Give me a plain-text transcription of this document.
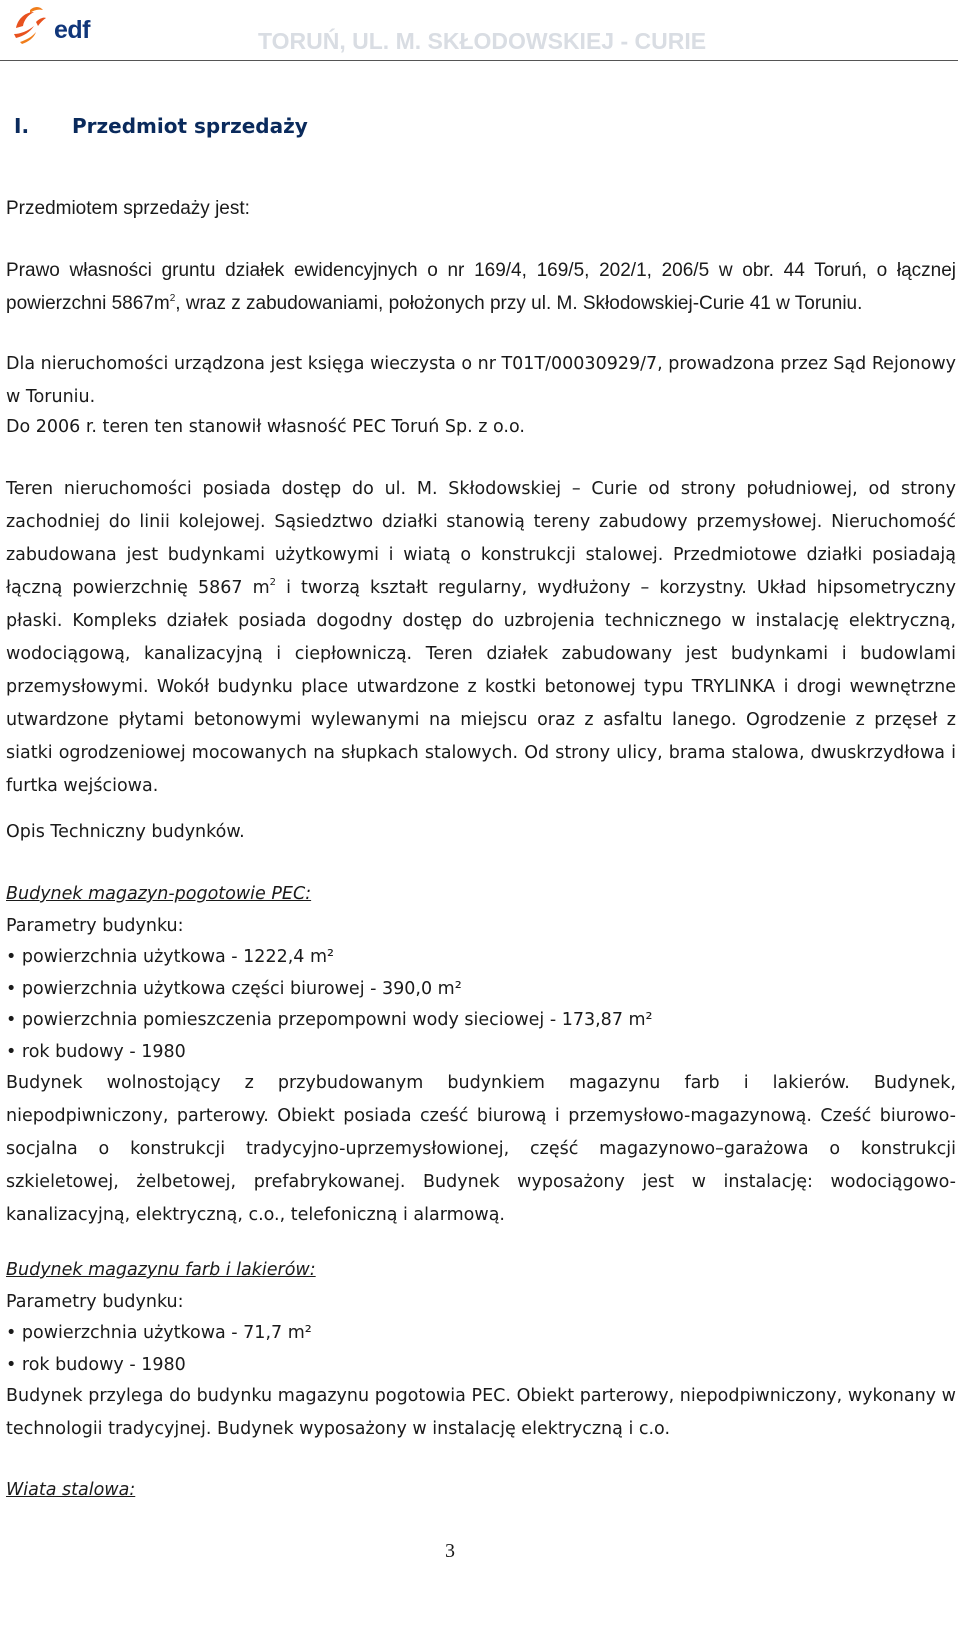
edf	TORUŃ, UL. M. SKŁODOWSKIEJ - CURIE
I. Przedmiot sprzedaży

Przedmiotem sprzedaży jest:

Prawo własności gruntu działek ewidencyjnych o nr 169/4, 169/5, 202/1, 206/5 w obr. 44 Toruń, o łącznej powierzchni $5867m^2$, wraz z zabudowaniami, położonych przy ul. M. Skłodowskiej-Curie 41 w Toruniu.

Dla nieruchomości urządzona jest księga wieczysta o nr T01T/00030929/7, prowadzona przez Sąd Rejonowy w Toruniu.

Do 2006 r. teren ten stanowił własność PEC Toruń Sp. z o.o.

Teren nieruchomości posiada dostęp do ul. M. Skłodowskiej – Curie od strony południowej, od strony zachodniej do linii kolejowej. Sąsiedztwo działki stanowią tereny zabudowy przemysłowej. Nieruchomość zabudowana jest budynkami użytkowymi i wiatą o konstrukcji stalowej. Przedmiotowe działki posiadają łączną powierzchnię 5867 $m^2$ i tworzą kształt regularny, wydłużony – korzystny. Układ hipsometryczny płaski. Kompleks działek posiada dogodny dostęp do uzbrojenia technicznego w instalację elektryczną, wodociągową, kanalizacyjną i ciepłowniczą. Teren działek zabudowany jest budynkami i budowlami przemysłowymi. Wokół budynku place utwardzone z kostki betonowej typu TRYLINKA i drogi wewnętrzne utwardzone płytami betonowymi wylewanymi na miejscu oraz z asfaltu lanego. Ogrodzenie z przęseł z siatki ogrodzeniowej mocowanych na słupkach stalowych. Od strony ulicy, brama stalowa, dwuskrzydłowa i furtka wejściowa.

Opis Techniczny budynków.

Budynek magazyn-pogotowie PEC:

Parametry budynku:

• powierzchnia użytkowa - 1222,4 m²
• powierzchnia użytkowa części biurowej - 390,0 m²
• powierzchnia pomieszczenia przepompowni wody sieciowej - 173,87 m²
• rok budowy - 1980

Budynek wolnostojący z przybudowanym budynkiem magazynu farb i lakierów. Budynek, niepodpiwniczony, parterowy. Obiekt posiada cześć biurową i przemysłowo-magazynową. Cześć biurowo-socjalna o konstrukcji tradycyjno-uprzemysłowionej, część magazynowo–garażowa o konstrukcji szkieletowej, żelbetowej, prefabrykowanej. Budynek wyposażony jest w instalację: wodociągowo-kanalizacyjną, elektryczną, c.o., telefoniczną i alarmową.

Budynek magazynu farb i lakierów:

Parametry budynku:

• powierzchnia użytkowa - 71,7 m²
• rok budowy - 1980

Budynek przylega do budynku magazynu pogotowia PEC. Obiekt parterowy, niepodpiwniczony, wykonany w technologii tradycyjnej. Budynek wyposażony w instalację elektryczną i c.o.

Wiata stalowa:

3
